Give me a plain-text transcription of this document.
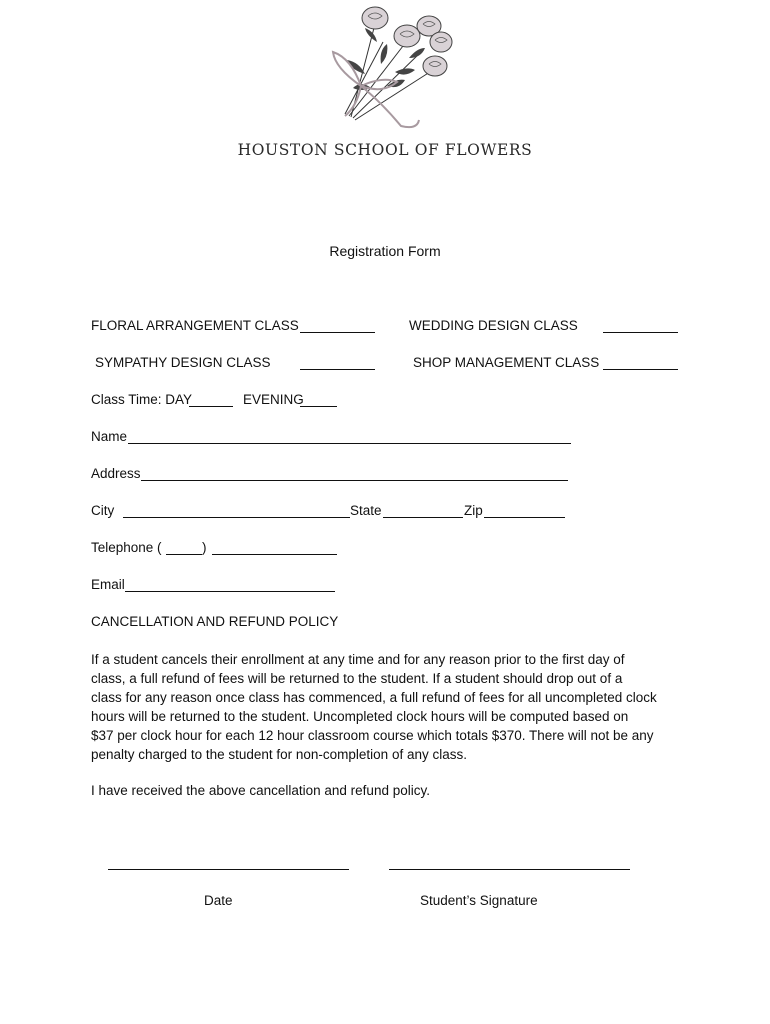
HOUSTON SCHOOL OF FLOWERS
Registration Form
FLORAL ARRANGEMENT CLASS	WEDDING DESIGN CLASS
SYMPATHY DESIGN CLASS	SHOP MANAGEMENT CLASS
Class Time: DAY	EVENING
Name
Address
City	State	Zip
Telephone (	)
Email
CANCELLATION AND REFUND POLICY
If a student cancels their enrollment at any time and for any reason prior to the first day of
class, a full refund of fees will be returned to the student. If a student should drop out of a
class for any reason once class has commenced, a full refund of fees for all uncompleted clock
hours will be returned to the student. Uncompleted clock hours will be computed based on
$37 per clock hour for each 12 hour classroom course which totals $370. There will not be any
penalty charged to the student for non-completion of any class.
I have received the above cancellation and refund policy.
Date	Student’s Signature
